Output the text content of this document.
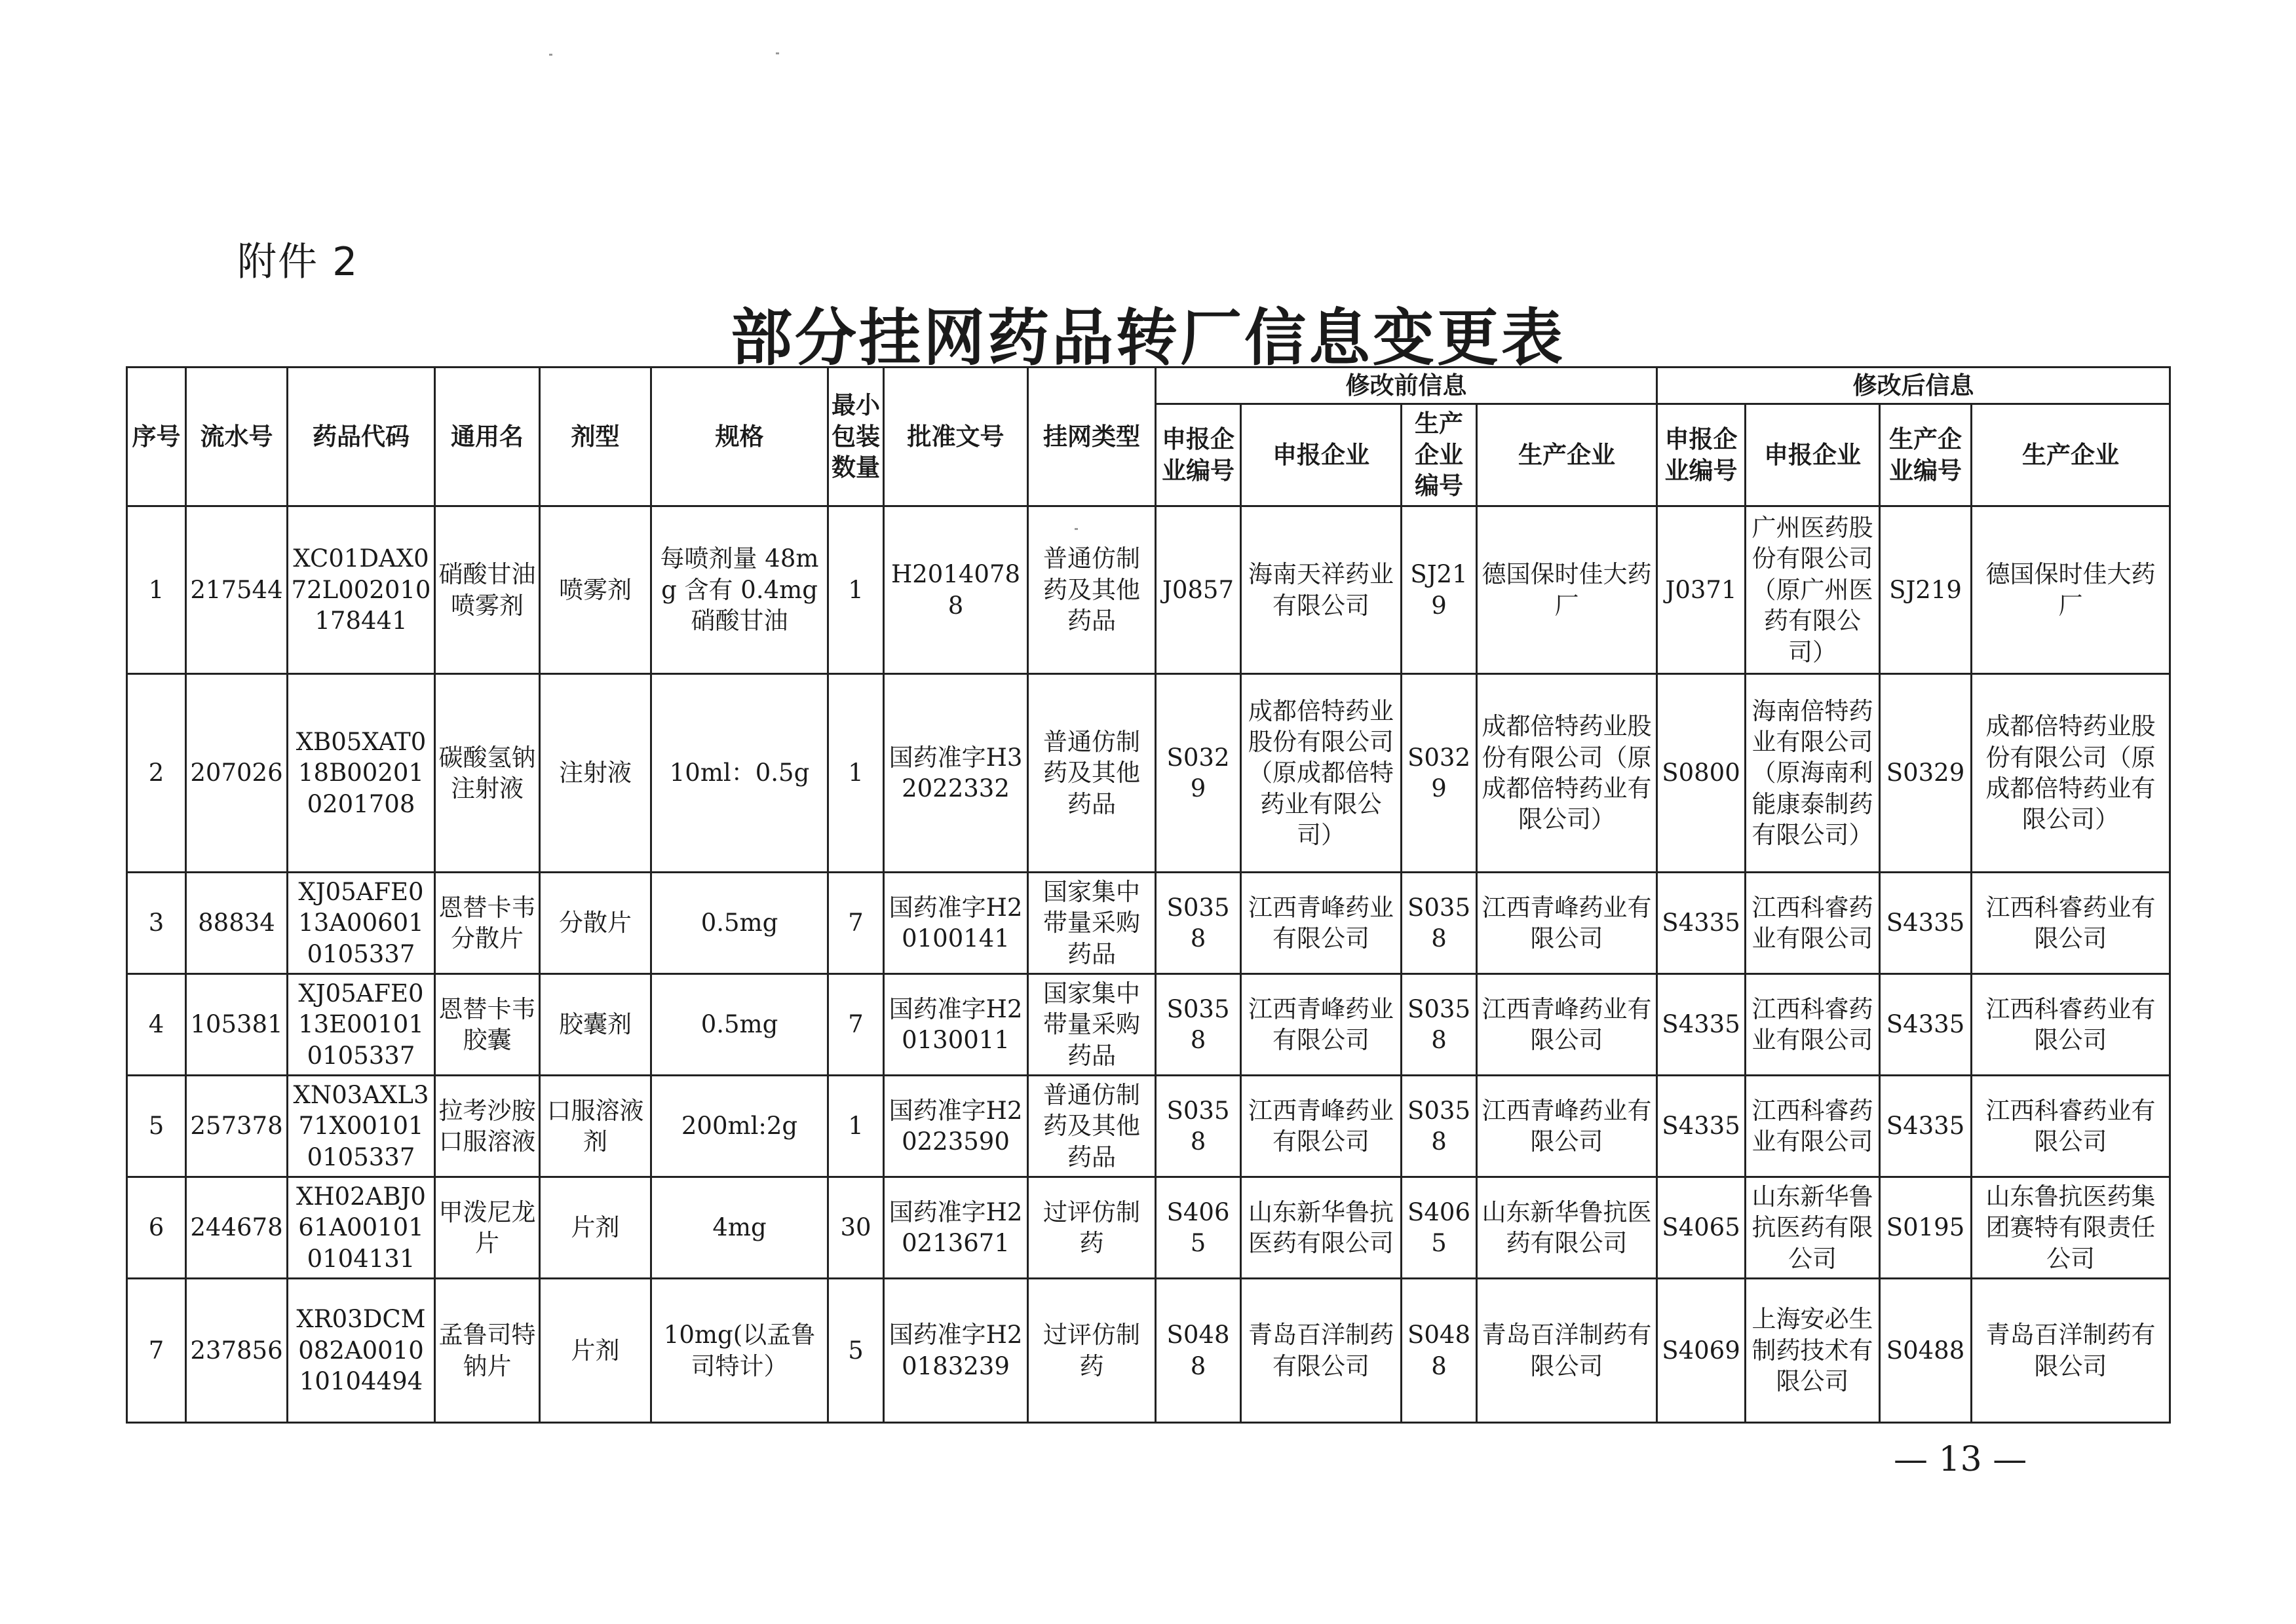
附件 2
部分挂网药品转厂信息变更表
序号	流水号	药品代码	通用名	剂型	规格	最小包装数量	批准文号	挂网类型	修改前信息				修改后信息			
									申报企业编号	申报企业	生产企业编号	生产企业	申报企业编号	申报企业	生产企业编号	生产企业
1	217544	XC01DAX072L002010178441	硝酸甘油喷雾剂	喷雾剂	每喷剂量 48mg 含有 0.4mg 硝酸甘油	1	H20140788	普通仿制药及其他药品	J0857	海南天祥药业有限公司	SJ219	德国保时佳大药厂	J0371	广州医药股份有限公司（原广州医药有限公司）	SJ219	德国保时佳大药厂
2	207026	XB05XAT018B002010201708	碳酸氢钠注射液	注射液	10ml：0.5g	1	国药准字H32022332	普通仿制药及其他药品	S0329	成都倍特药业股份有限公司（原成都倍特药业有限公司）	S0329	成都倍特药业股份有限公司（原成都倍特药业有限公司）	S0800	海南倍特药业有限公司（原海南利能康泰制药有限公司）	S0329	成都倍特药业股份有限公司（原成都倍特药业有限公司）
3	88834	XJ05AFE013A006010105337	恩替卡韦分散片	分散片	0.5mg	7	国药准字H20100141	国家集中带量采购药品	S0358	江西青峰药业有限公司	S0358	江西青峰药业有限公司	S4335	江西科睿药业有限公司	S4335	江西科睿药业有限公司
4	105381	XJ05AFE013E001010105337	恩替卡韦胶囊	胶囊剂	0.5mg	7	国药准字H20130011	国家集中带量采购药品	S0358	江西青峰药业有限公司	S0358	江西青峰药业有限公司	S4335	江西科睿药业有限公司	S4335	江西科睿药业有限公司
5	257378	XN03AXL371X001010105337	拉考沙胺口服溶液	口服溶液剂	200ml:2g	1	国药准字H20223590	普通仿制药及其他药品	S0358	江西青峰药业有限公司	S0358	江西青峰药业有限公司	S4335	江西科睿药业有限公司	S4335	江西科睿药业有限公司
6	244678	XH02ABJ061A001010104131	甲泼尼龙片	片剂	4mg	30	国药准字H20213671	过评仿制药	S4065	山东新华鲁抗医药有限公司	S4065	山东新华鲁抗医药有限公司	S4065	山东新华鲁抗医药有限公司	S0195	山东鲁抗医药集团赛特有限责任公司
7	237856	XR03DCM082A001010104494	孟鲁司特钠片	片剂	10mg(以孟鲁司特计）	5	国药准字H20183239	过评仿制药	S0488	青岛百洋制药有限公司	S0488	青岛百洋制药有限公司	S4069	上海安必生制药技术有限公司	S0488	青岛百洋制药有限公司
— 13 —
